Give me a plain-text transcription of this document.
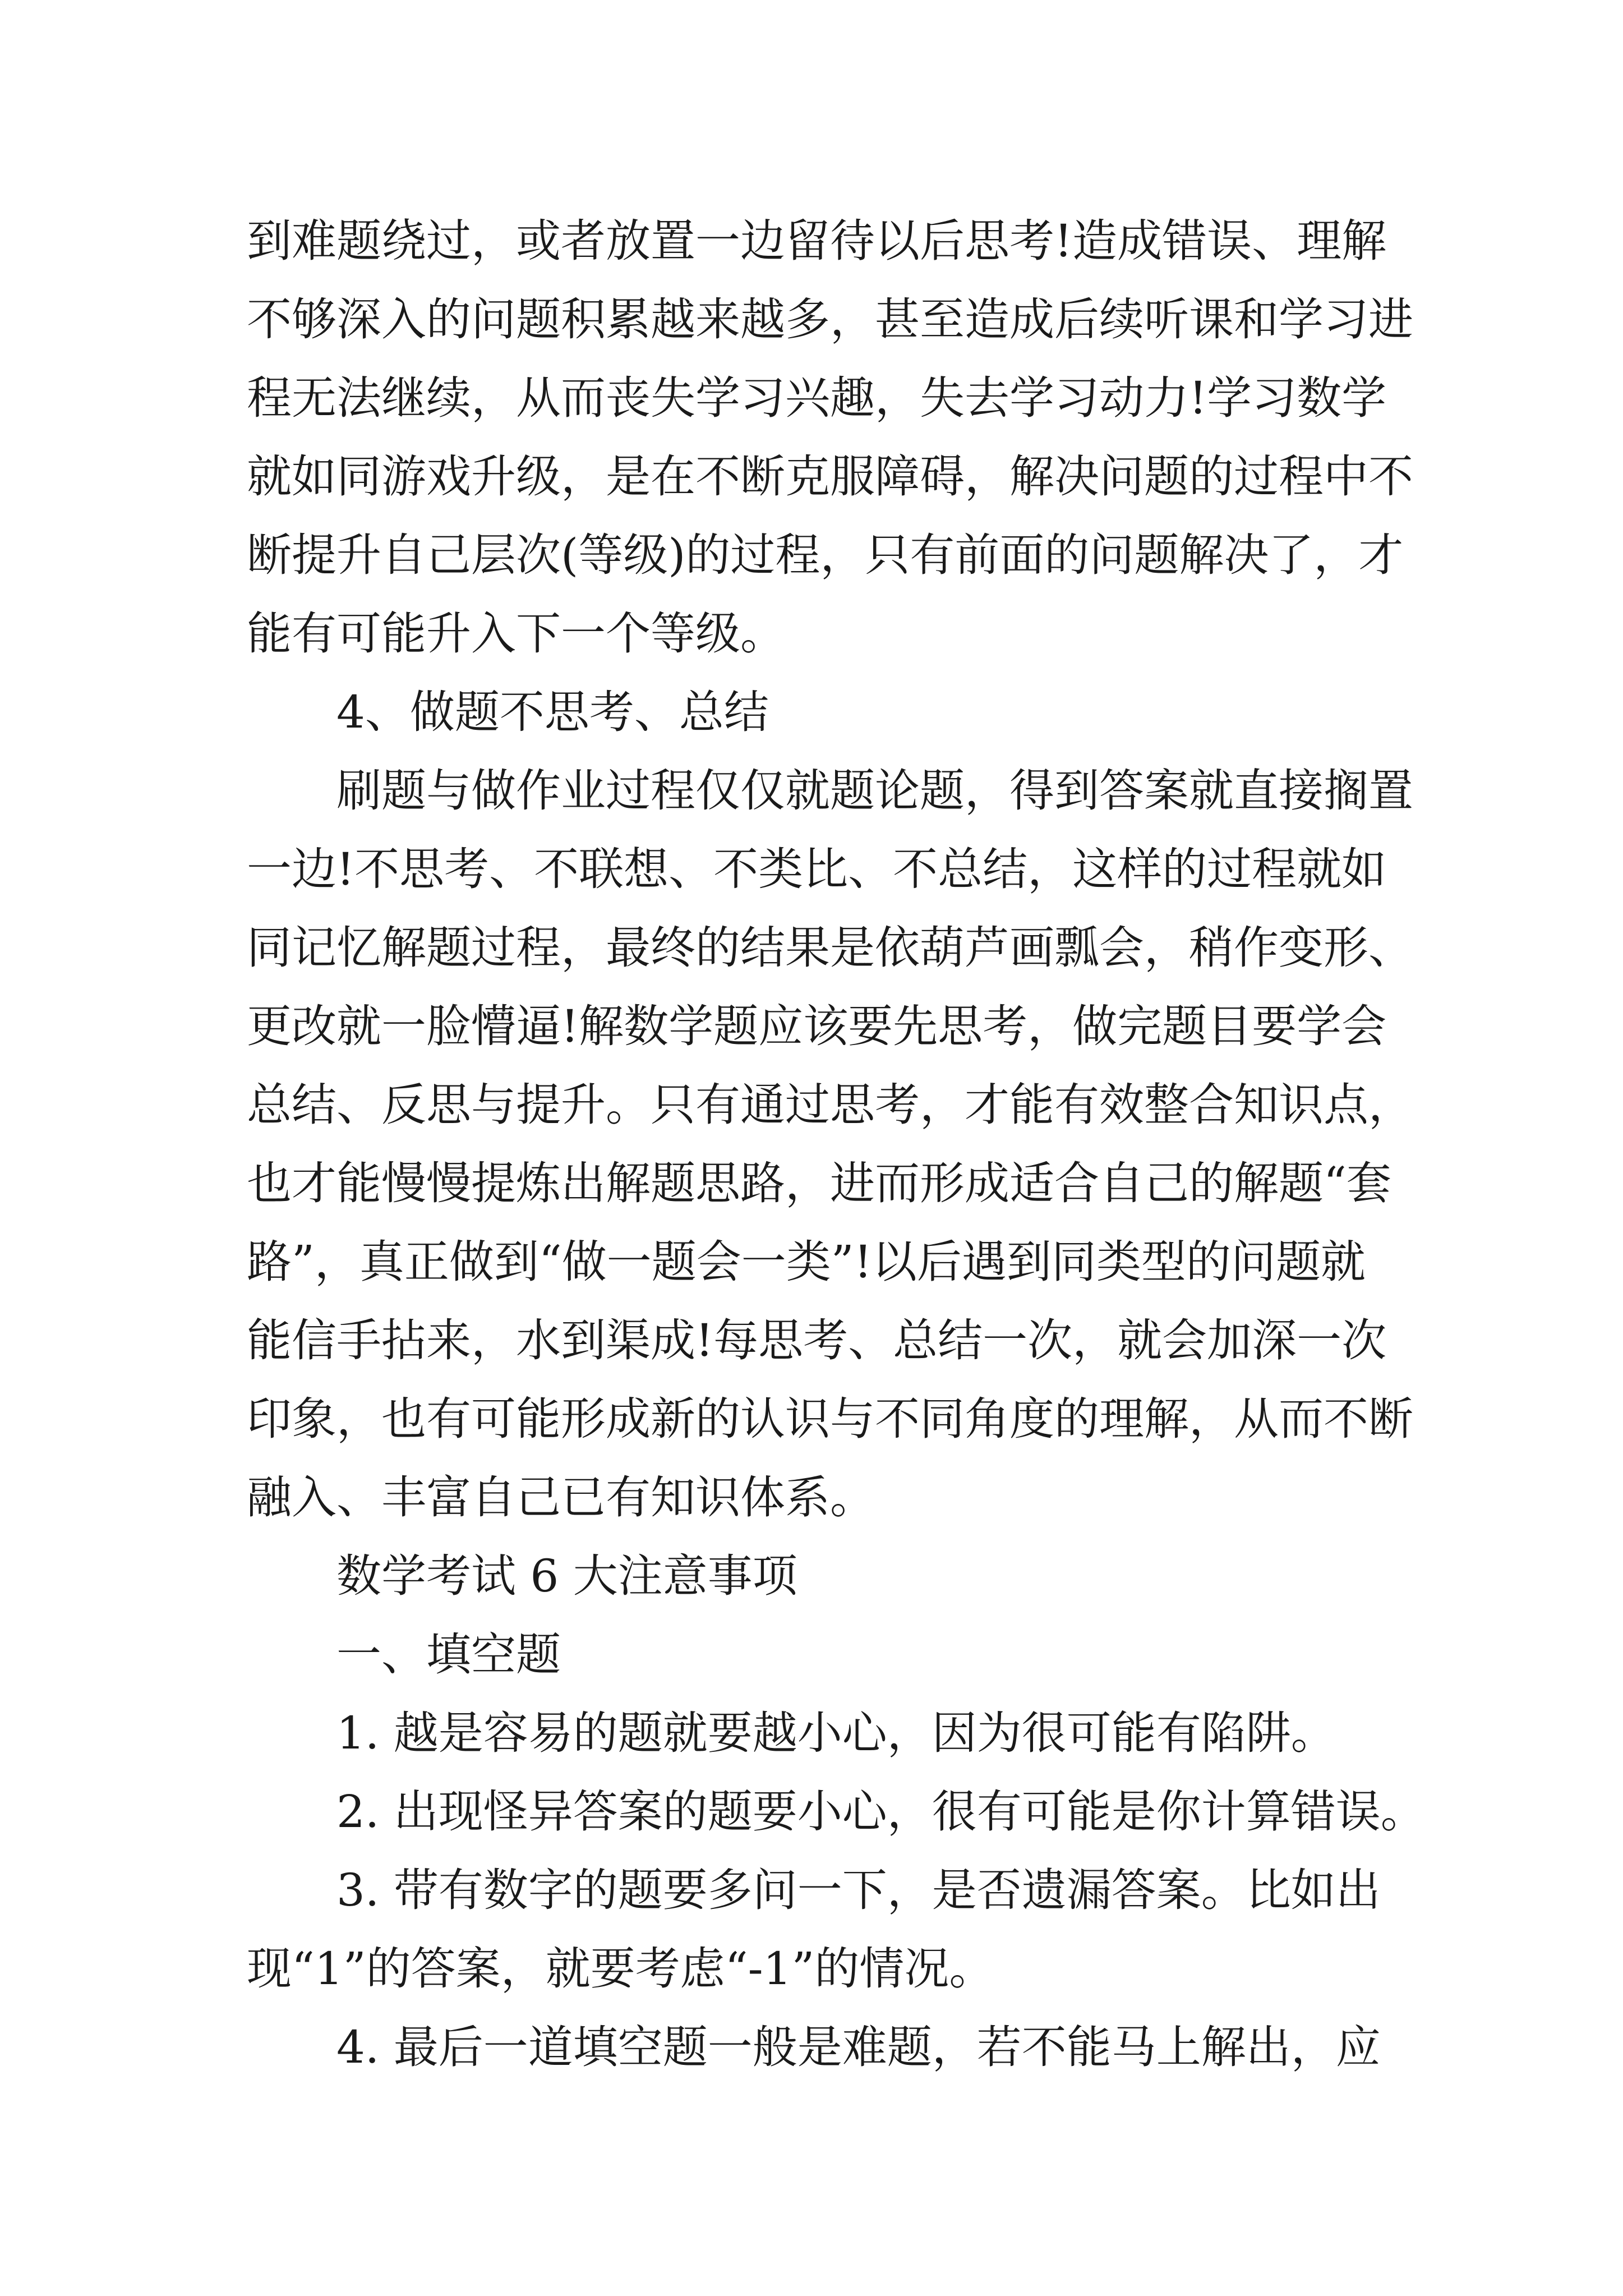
到难题绕过，或者放置一边留待以后思考!造成错误、理解
不够深入的问题积累越来越多，甚至造成后续听课和学习进
程无法继续，从而丧失学习兴趣，失去学习动力!学习数学
就如同游戏升级，是在不断克服障碍，解决问题的过程中不
断提升自己层次(等级)的过程，只有前面的问题解决了，才
能有可能升入下一个等级。
4、做题不思考、总结
刷题与做作业过程仅仅就题论题，得到答案就直接搁置
一边!不思考、不联想、不类比、不总结，这样的过程就如
同记忆解题过程，最终的结果是依葫芦画瓢会，稍作变形、
更改就一脸懵逼!解数学题应该要先思考，做完题目要学会
总结、反思与提升。只有通过思考，才能有效整合知识点，
也才能慢慢提炼出解题思路，进而形成适合自己的解题“套
路”，真正做到“做一题会一类”!以后遇到同类型的问题就
能信手拈来，水到渠成!每思考、总结一次，就会加深一次
印象，也有可能形成新的认识与不同角度的理解，从而不断
融入、丰富自己已有知识体系。
数学考试 6 大注意事项
一、填空题
1. 越是容易的题就要越小心，因为很可能有陷阱。
2. 出现怪异答案的题要小心，很有可能是你计算错误。
3. 带有数字的题要多问一下，是否遗漏答案。比如出
现“1”的答案，就要考虑“-1”的情况。
4. 最后一道填空题一般是难题，若不能马上解出，应
